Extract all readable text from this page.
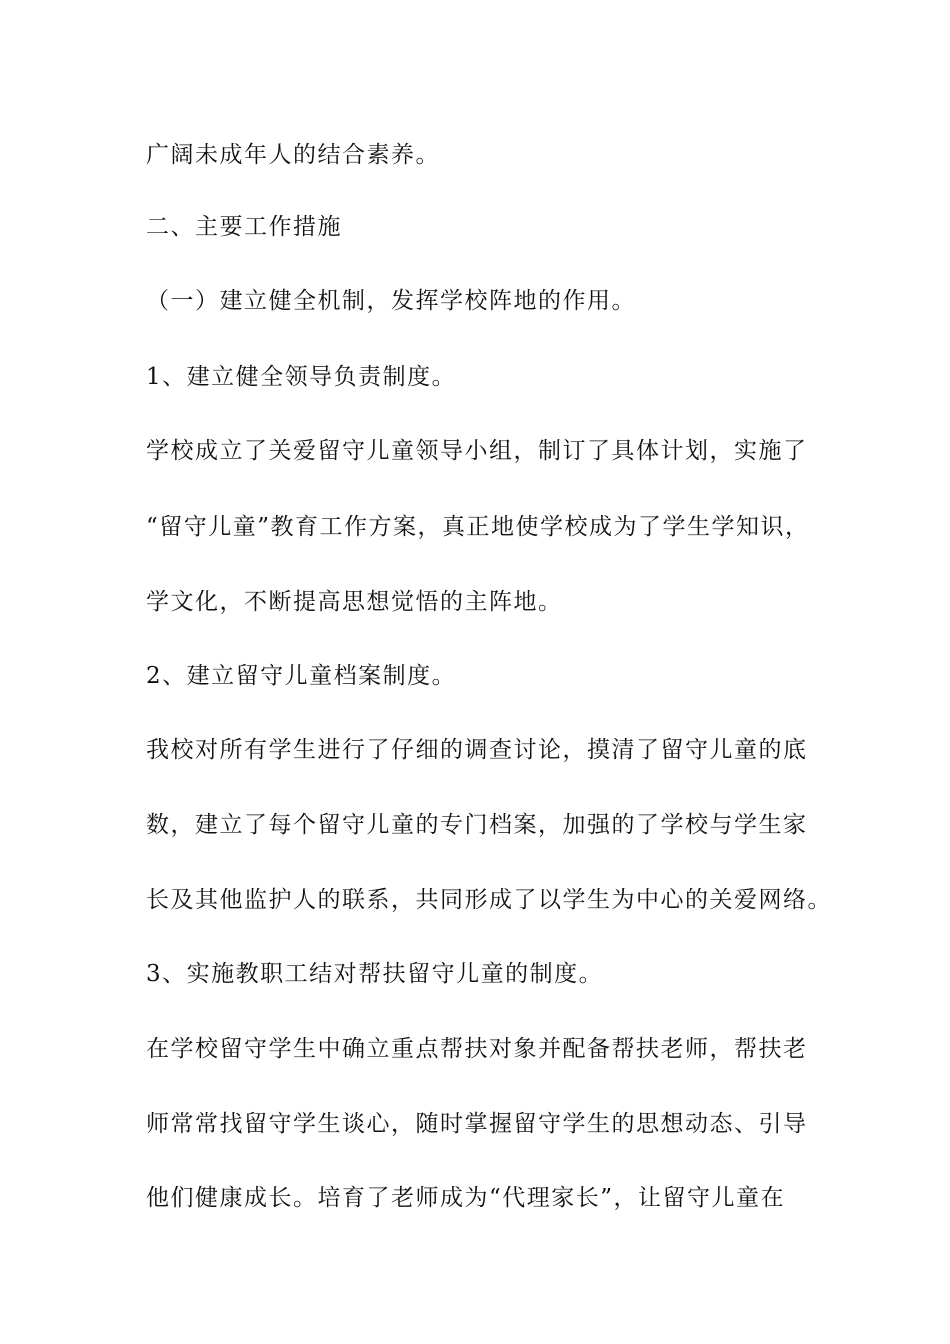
广阔未成年人的结合素养。
二、主要工作措施
（一）建立健全机制，发挥学校阵地的作用。
1、建立健全领导负责制度。
学校成立了关爱留守儿童领导小组，制订了具体计划，实施了
“留守儿童”教育工作方案，真正地使学校成为了学生学知识，
学文化，不断提高思想觉悟的主阵地。
2、建立留守儿童档案制度。
我校对所有学生进行了仔细的调查讨论，摸清了留守儿童的底
数，建立了每个留守儿童的专门档案，加强的了学校与学生家
长及其他监护人的联系，共同形成了以学生为中心的关爱网络。
3、实施教职工结对帮扶留守儿童的制度。
在学校留守学生中确立重点帮扶对象并配备帮扶老师，帮扶老
师常常找留守学生谈心，随时掌握留守学生的思想动态、引导
他们健康成长。培育了老师成为“代理家长”，让留守儿童在
